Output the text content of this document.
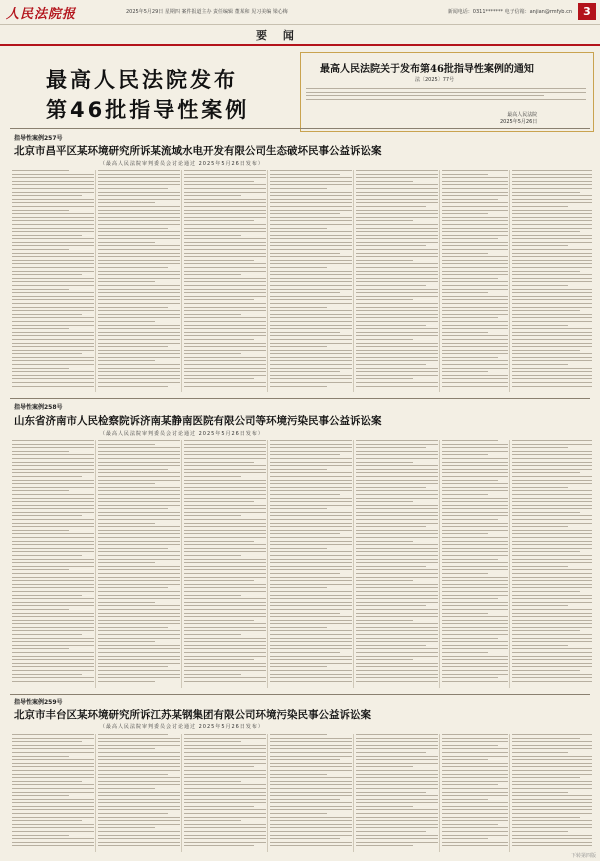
人民法院报	2025年5月29日 星期四 案件报道主办 责任编辑 董某和 见习美编 梁心梅	新闻电话：0311******* 电子信箱：anjian@rmfyb.cn	3
要 闻
最高人民法院发布
第46批指导性案例
最高人民法院关于发布第46批指导性案例的通知
法〔2025〕77号
最高人民法院
2025年5月26日
指导性案例257号
北京市昌平区某环境研究所诉某流域水电开发有限公司生态破坏民事公益诉讼案
（最高人民法院审判委员会讨论通过 2025年5月26日发布）
指导性案例258号
山东省济南市人民检察院诉济南某静南医院有限公司等环境污染民事公益诉讼案
（最高人民法院审判委员会讨论通过 2025年5月26日发布）
指导性案例259号
北京市丰台区某环境研究所诉江苏某钢集团有限公司环境污染民事公益诉讼案
（最高人民法院审判委员会讨论通过 2025年5月26日发布）
下转第四版
